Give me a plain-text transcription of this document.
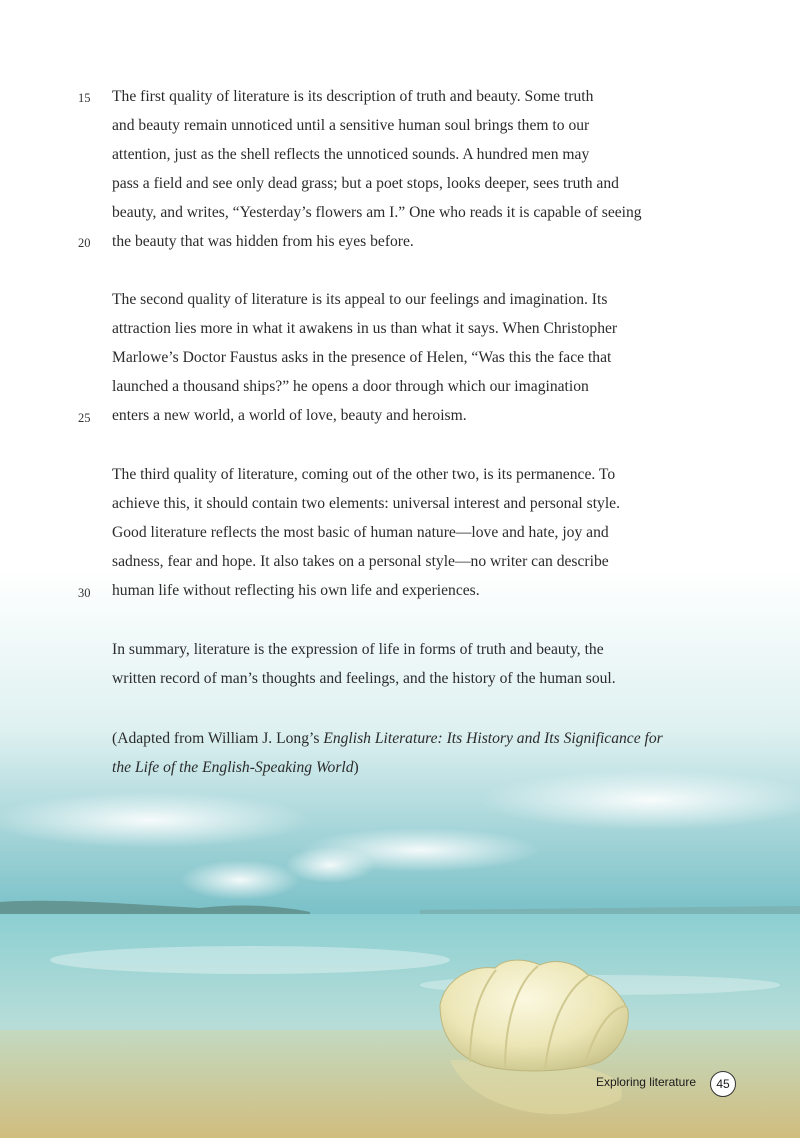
15
20
25
30
The first quality of literature is its description of truth and beauty. Some truth
and beauty remain unnoticed until a sensitive human soul brings them to our
attention, just as the shell reflects the unnoticed sounds. A hundred men may
pass a field and see only dead grass; but a poet stops, looks deeper, sees truth and
beauty, and writes, “Yesterday’s flowers am I.” One who reads it is capable of seeing
the beauty that was hidden from his eyes before.
The second quality of literature is its appeal to our feelings and imagination. Its
attraction lies more in what it awakens in us than what it says. When Christopher
Marlowe’s Doctor Faustus asks in the presence of Helen, “Was this the face that
launched a thousand ships?” he opens a door through which our imagination
enters a new world, a world of love, beauty and heroism.
The third quality of literature, coming out of the other two, is its permanence. To
achieve this, it should contain two elements: universal interest and personal style.
Good literature reflects the most basic of human nature—love and hate, joy and
sadness, fear and hope. It also takes on a personal style—no writer can describe
human life without reflecting his own life and experiences.
In summary, literature is the expression of life in forms of truth and beauty, the
written record of man’s thoughts and feelings, and the history of the human soul.
(Adapted from William J. Long’s English Literature: Its History and Its Significance for
the Life of the English-Speaking World)
Exploring literature	45
